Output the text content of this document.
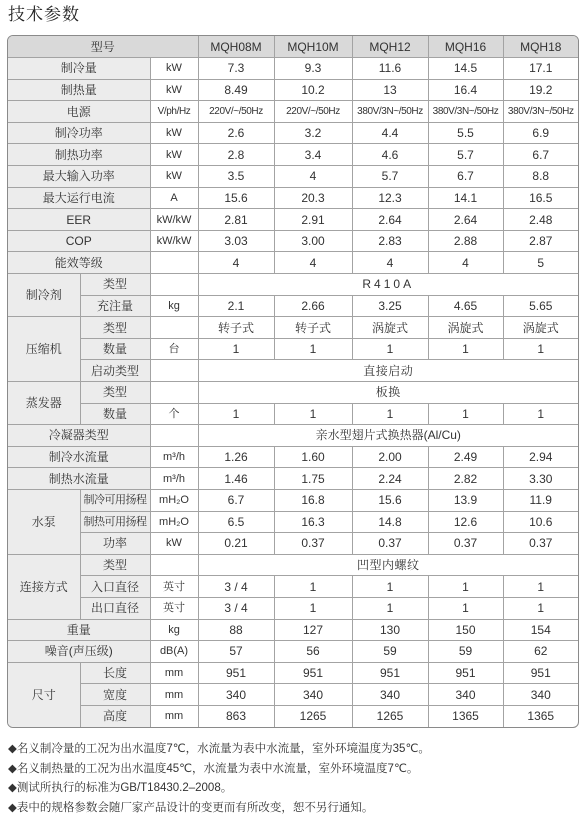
技术参数
型号			MQH08M	MQH10M	MQH12	MQH16	MQH18
制冷量		kW	7.3	9.3	11.6	14.5	17.1
制热量		kW	8.49	10.2	13	16.4	19.2
电源		V/ph/Hz	220V/~/50Hz	220V/~/50Hz	380V/3N~/50Hz	380V/3N~/50Hz	380V/3N~/50Hz
制冷功率		kW	2.6	3.2	4.4	5.5	6.9
制热功率		kW	2.8	3.4	4.6	5.7	6.7
最大输入功率		kW	3.5	4	5.7	6.7	8.8
最大运行电流		A	15.6	20.3	12.3	14.1	16.5
EER		kW/kW	2.81	2.91	2.64	2.64	2.48
COP		kW/kW	3.03	3.00	2.83	2.88	2.87
能效等级			4	4	4	4	5
制冷剂	类型		R410A				
	充注量	kg	2.1	2.66	3.25	4.65	5.65
压缩机	类型		转子式	转子式	涡旋式	涡旋式	涡旋式
	数量	台	1	1	1	1	1
	启动类型		直接启动				
蒸发器	类型		板换				
	数量	个	1	1	1	1	1
冷凝器类型			亲水型翅片式换热器(Al/Cu)				
制冷水流量		m³/h	1.26	1.60	2.00	2.49	2.94
制热水流量		m³/h	1.46	1.75	2.24	2.82	3.30
水泵	制冷可用扬程	mH₂O	6.7	16.8	15.6	13.9	11.9
	制热可用扬程	mH₂O	6.5	16.3	14.8	12.6	10.6
	功率	kW	0.21	0.37	0.37	0.37	0.37
连接方式	类型		凹型内螺纹				
	入口直径	英寸	3 / 4	1	1	1	1
	出口直径	英寸	3 / 4	1	1	1	1
重量		kg	88	127	130	150	154
噪音(声压级)		dB(A)	57	56	59	59	62
尺寸	长度	mm	951	951	951	951	951
	宽度	mm	340	340	340	340	340
	高度	mm	863	1265	1265	1365	1365
◆名义制冷量的工况为出水温度7℃，水流量为表中水流量，室外环境温度为35℃。
◆名义制热量的工况为出水温度45℃，水流量为表中水流量，室外环境温度7℃。
◆测试所执行的标准为GB/T18430.2–2008。
◆表中的规格参数会随厂家产品设计的变更而有所改变，恕不另行通知。
